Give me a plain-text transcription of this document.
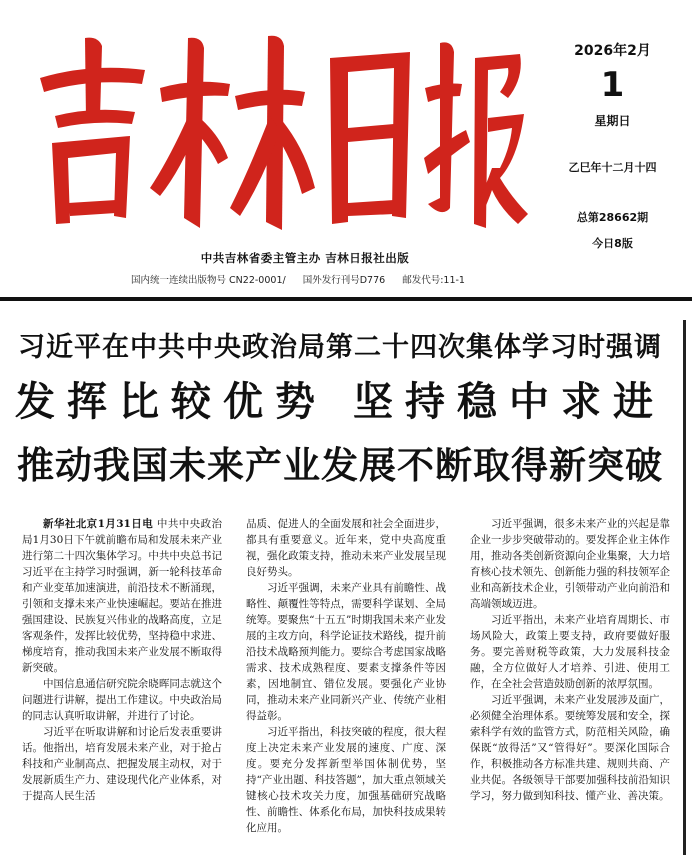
中共吉林省委主管主办 吉林日报社出版
国内统一连续出版物号 CN22-0001/ 国外发行刊号D776 邮发代号:11-1
2026年2月
1
星期日
乙巳年十二月十四
总第28662期
今日8版
习近平在中共中央政治局第二十四次集体学习时强调
发挥比较优势 坚持稳中求进
推动我国未来产业发展不断取得新突破

新华社北京1月31日电 中共中央政治局1月30日下午就前瞻布局和发展未来产业进行第二十四次集体学习。中共中央总书记习近平在主持学习时强调，新一轮科技革命和产业变革加速演进，前沿技术不断涌现，引领和支撑未来产业快速崛起。要站在推进强国建设、民族复兴伟业的战略高度，立足客观条件，发挥比较优势，坚持稳中求进、梯度培育，推动我国未来产业发展不断取得新突破。

中国信息通信研究院余晓晖同志就这个问题进行讲解，提出工作建议。中央政治局的同志认真听取讲解，并进行了讨论。

习近平在听取讲解和讨论后发表重要讲话。他指出，培育发展未来产业，对于抢占科技和产业制高点、把握发展主动权，对于发展新质生产力、建设现代化产业体系，对于提高人民生活

品质、促进人的全面发展和社会全面进步，都具有重要意义。近年来，党中央高度重视，强化政策支持，推动未来产业发展呈现良好势头。

习近平强调，未来产业具有前瞻性、战略性、颠覆性等特点，需要科学谋划、全局统筹。要聚焦“十五五”时期我国未来产业发展的主攻方向，科学论证技术路线，提升前沿技术战略预判能力。要综合考虑国家战略需求、技术成熟程度、要素支撑条件等因素，因地制宜、错位发展。要强化产业协同，推动未来产业同新兴产业、传统产业相得益彰。

习近平指出，科技突破的程度，很大程度上决定未来产业发展的速度、广度、深度。要充分发挥新型举国体制优势，坚持“产业出题、科技答题”，加大重点领域关键核心技术攻关力度，加强基础研究战略性、前瞻性、体系化布局，加快科技成果转化应用。

习近平强调，很多未来产业的兴起是靠企业一步步突破带动的。要发挥企业主体作用，推动各类创新资源向企业集聚，大力培育核心技术领先、创新能力强的科技领军企业和高新技术企业，引领带动产业向前沿和高端领域迈进。

习近平指出，未来产业培育周期长、市场风险大，政策上要支持，政府要做好服务。要完善财税等政策，大力发展科技金融，全方位做好人才培养、引进、使用工作，在全社会营造鼓励创新的浓厚氛围。

习近平强调，未来产业发展涉及面广，必须健全治理体系。要统筹发展和安全，探索科学有效的监管方式，防范相关风险，确保既“放得活”又“管得好”。要深化国际合作，积极推动各方标准共建、规则共商、产业共促。各级领导干部要加强科技前沿知识学习，努力做到知科技、懂产业、善决策。
